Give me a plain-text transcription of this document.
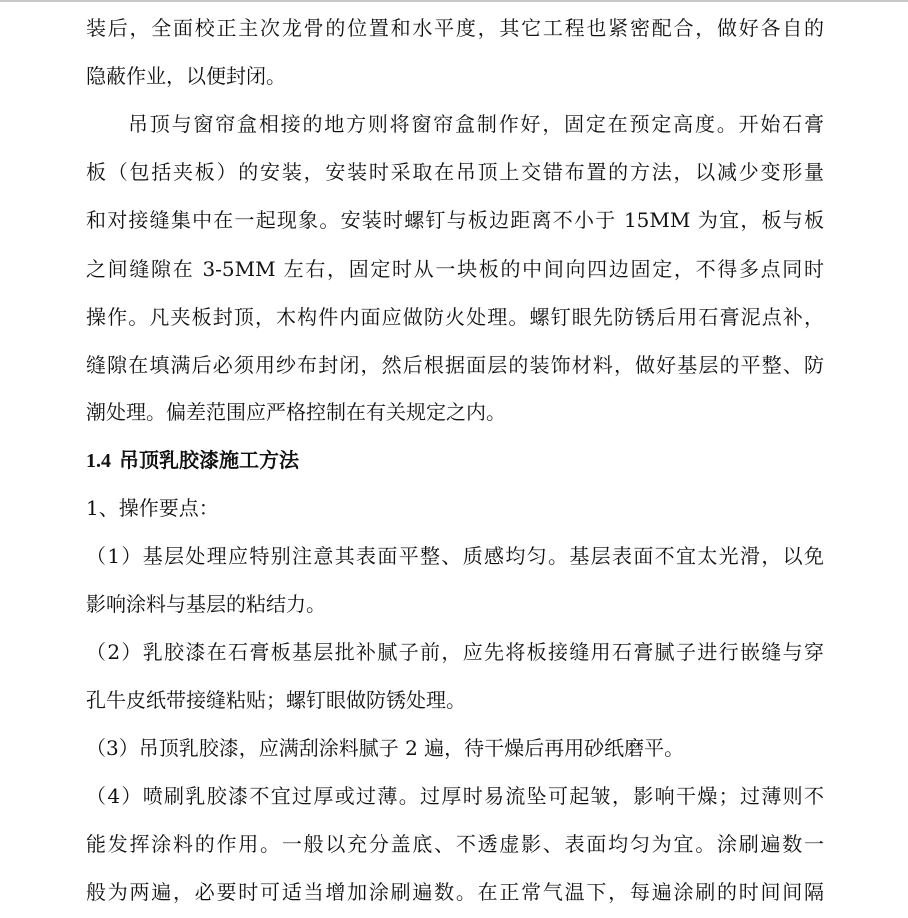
装后，全面校正主次龙骨的位置和水平度，其它工程也紧密配合，做好各自的
隐蔽作业，以便封闭。
吊顶与窗帘盒相接的地方则将窗帘盒制作好，固定在预定高度。开始石膏
板（包括夹板）的安装，安装时采取在吊顶上交错布置的方法，以减少变形量
和对接缝集中在一起现象。安装时螺钉与板边距离不小于 15MM 为宜，板与板
之间缝隙在 3-5MM 左右，固定时从一块板的中间向四边固定，不得多点同时
操作。凡夹板封顶，木构件内面应做防火处理。螺钉眼先防锈后用石膏泥点补，
缝隙在填满后必须用纱布封闭，然后根据面层的装饰材料，做好基层的平整、防
潮处理。偏差范围应严格控制在有关规定之内。
1.4 吊顶乳胶漆施工方法
1、操作要点：
（1）基层处理应特别注意其表面平整、质感均匀。基层表面不宜太光滑，以免
影响涂料与基层的粘结力。
（2）乳胶漆在石膏板基层批补腻子前，应先将板接缝用石膏腻子进行嵌缝与穿
孔牛皮纸带接缝粘贴；螺钉眼做防锈处理。
（3）吊顶乳胶漆，应满刮涂料腻子 2 遍，待干燥后再用砂纸磨平。
（4）喷刷乳胶漆不宜过厚或过薄。过厚时易流坠可起皱，影响干燥；过薄则不
能发挥涂料的作用。一般以充分盖底、不透虚影、表面均匀为宜。涂刷遍数一
般为两遍，必要时可适当增加涂刷遍数。在正常气温下，每遍涂刷的时间间隔
